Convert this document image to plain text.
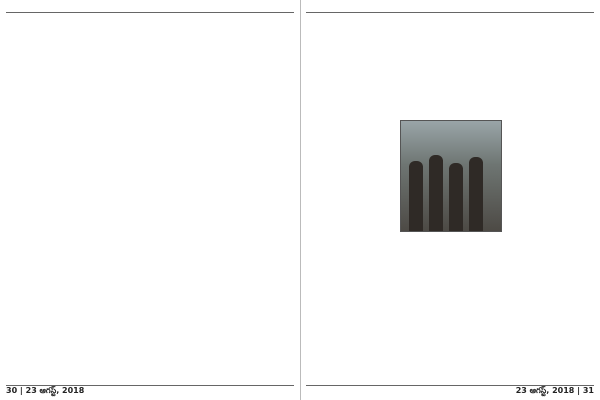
30 | 23 ఆగస్ట్, 2018	23 ఆగస్ట్, 2018 | 31
